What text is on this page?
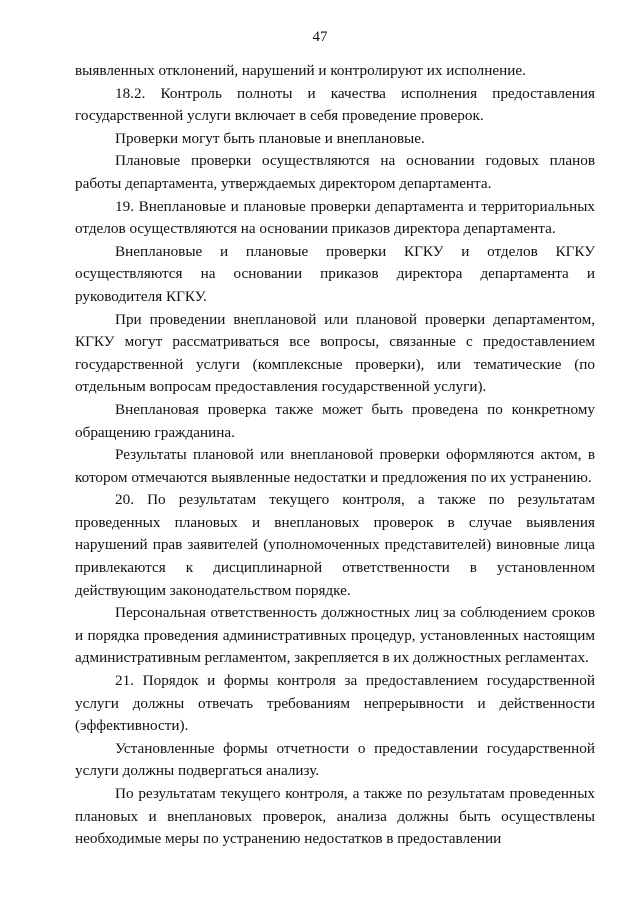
47

выявленных отклонений, нарушений и контролируют их исполнение.

18.2. Контроль полноты и качества исполнения предоставления государственной услуги включает в себя проведение проверок.

Проверки могут быть плановые и внеплановые.

Плановые проверки осуществляются на основании годовых планов работы департамента, утверждаемых директором департамента.

19. Внеплановые и плановые проверки департамента и территориальных отделов осуществляются на основании приказов директора департамента.

Внеплановые и плановые проверки КГКУ и отделов КГКУ осуществляются на основании приказов директора департамента и руководителя КГКУ.

При проведении внеплановой или плановой проверки департаментом, КГКУ могут рассматриваться все вопросы, связанные с предоставлением государственной услуги (комплексные проверки), или тематические (по отдельным вопросам предоставления государственной услуги).

Внеплановая проверка также может быть проведена по конкретному обращению гражданина.

Результаты плановой или внеплановой проверки оформляются актом, в котором отмечаются выявленные недостатки и предложения по их устранению.

20. По результатам текущего контроля, а также по результатам проведенных плановых и внеплановых проверок в случае выявления нарушений прав заявителей (уполномоченных представителей) виновные лица привлекаются к дисциплинарной ответственности в установленном действующим законодательством порядке.

Персональная ответственность должностных лиц за соблюдением сроков и порядка проведения административных процедур, установленных настоящим административным регламентом, закрепляется в их должностных регламентах.

21. Порядок и формы контроля за предоставлением государственной услуги должны отвечать требованиям непрерывности и действенности (эффективности).

Установленные формы отчетности о предоставлении государственной услуги должны подвергаться анализу.

По результатам текущего контроля, а также по результатам проведенных плановых и внеплановых проверок, анализа должны быть осуществлены необходимые меры по устранению недостатков в предоставлении
